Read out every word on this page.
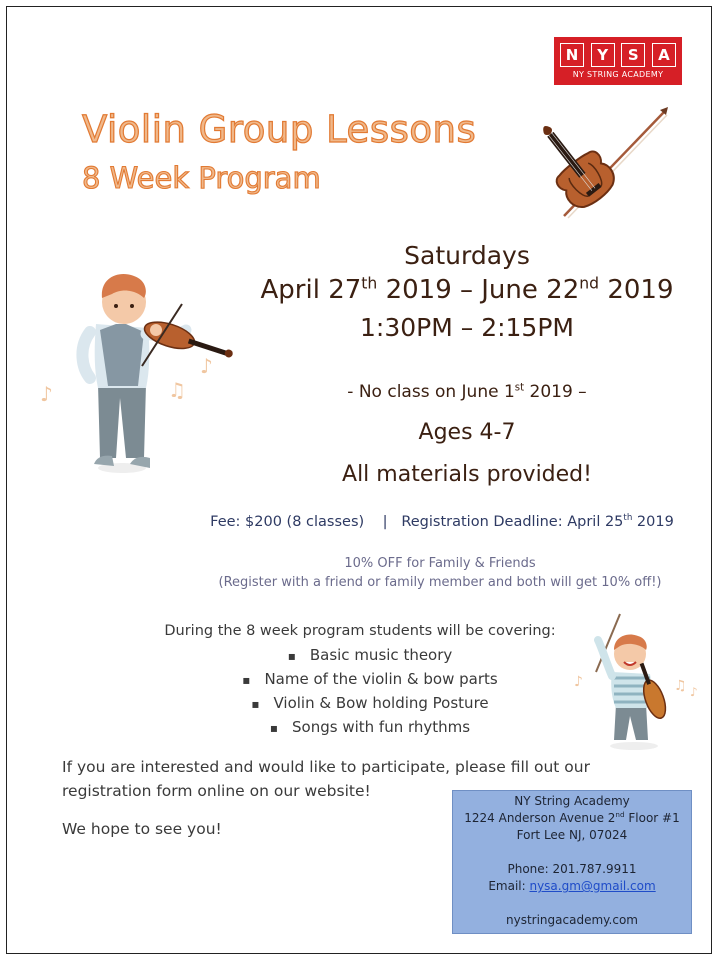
N	Y	S	A
NY STRING ACADEMY
Violin Group Lessons
8 Week Program
♪	♫
♪
Saturdays
April 27th 2019 – June 22nd 2019
1:30PM – 2:15PM
- No class on June 1st 2019 –
Ages 4-7
All materials provided!
Fee: $200 (8 classes)    |   Registration Deadline: April 25th 2019
10% OFF for Family & Friends
(Register with a friend or family member and both will get 10% off!)
During the 8 week program students will be covering:
▪ Basic music theory
▪ Name of the violin & bow parts
▪ Violin & Bow holding Posture
▪ Songs with fun rhythms
♪	♫ ♪
If you are interested and would like to participate, please fill out our registration form online on our website!
We hope to see you!
NY String Academy
1224 Anderson Avenue 2nd Floor #1
Fort Lee NJ, 07024
Phone: 201.787.9911
Email: nysa.gm@gmail.com
nystringacademy.com
